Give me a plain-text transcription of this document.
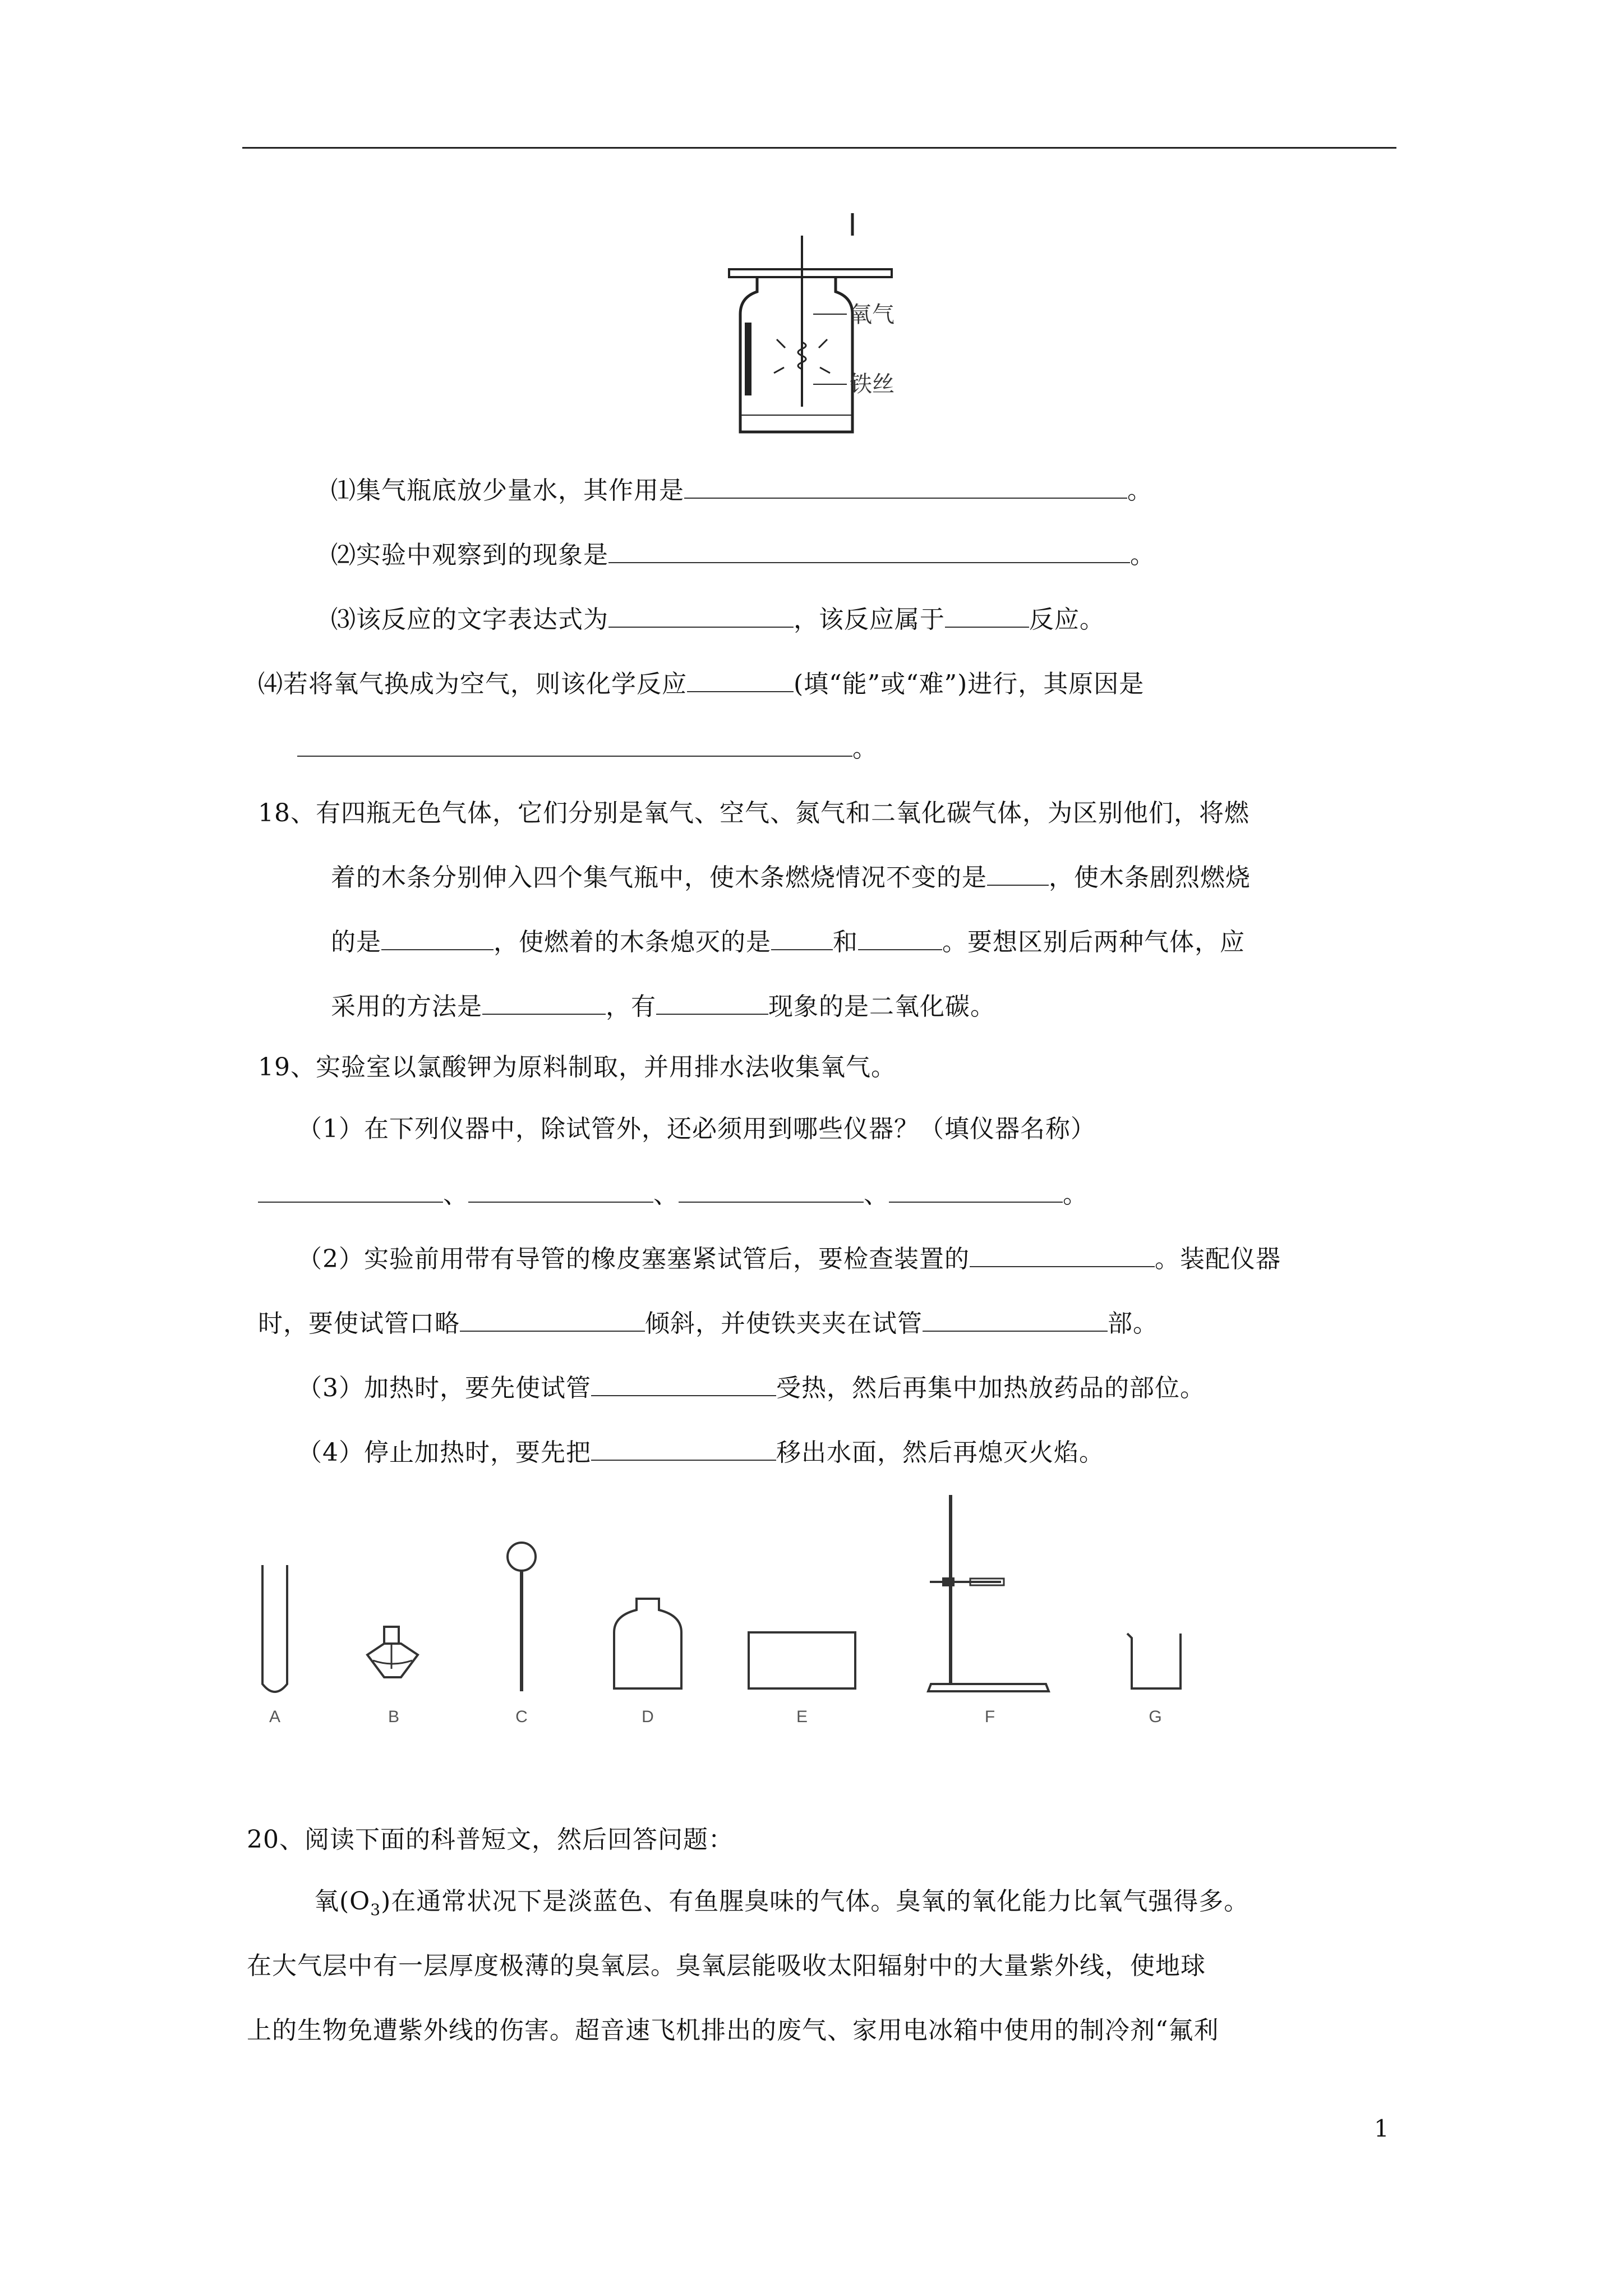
氧气
铁丝
⑴集气瓶底放少量水，其作用是	。
⑵实验中观察到的现象是	。
⑶该反应的文字表达式为	，该反应属于	反应。
⑷若将氧气换成为空气，则该化学反应	(填“能”或“难”)进行，其原因是
。
18、有四瓶无色气体，它们分别是氧气、空气、氮气和二氧化碳气体，为区别他们，将燃
着的木条分别伸入四个集气瓶中，使木条燃烧情况不变的是	，使木条剧烈燃烧
的是	，使燃着的木条熄灭的是	和	。要想区别后两种气体，应
采用的方法是	，有	现象的是二氧化碳。
19、实验室以氯酸钾为原料制取，并用排水法收集氧气。
（1）在下列仪器中，除试管外，还必须用到哪些仪器？（填仪器名称）
、	、	、	。
（2）实验前用带有导管的橡皮塞塞紧试管后，要检查装置的	。装配仪器
时，要使试管口略	倾斜，并使铁夹夹在试管	部。
（3）加热时，要先使试管	受热，然后再集中加热放药品的部位。
（4）停止加热时，要先把	移出水面，然后再熄灭火焰。
A	B	C	D	E	F	G
20、阅读下面的科普短文，然后回答问题：
氧$(O_3)$在通常状况下是淡蓝色、有鱼腥臭味的气体。臭氧的氧化能力比氧气强得多。
在大气层中有一层厚度极薄的臭氧层。臭氧层能吸收太阳辐射中的大量紫外线，使地球
上的生物免遭紫外线的伤害。超音速飞机排出的废气、家用电冰箱中使用的制冷剂“氟利
1
